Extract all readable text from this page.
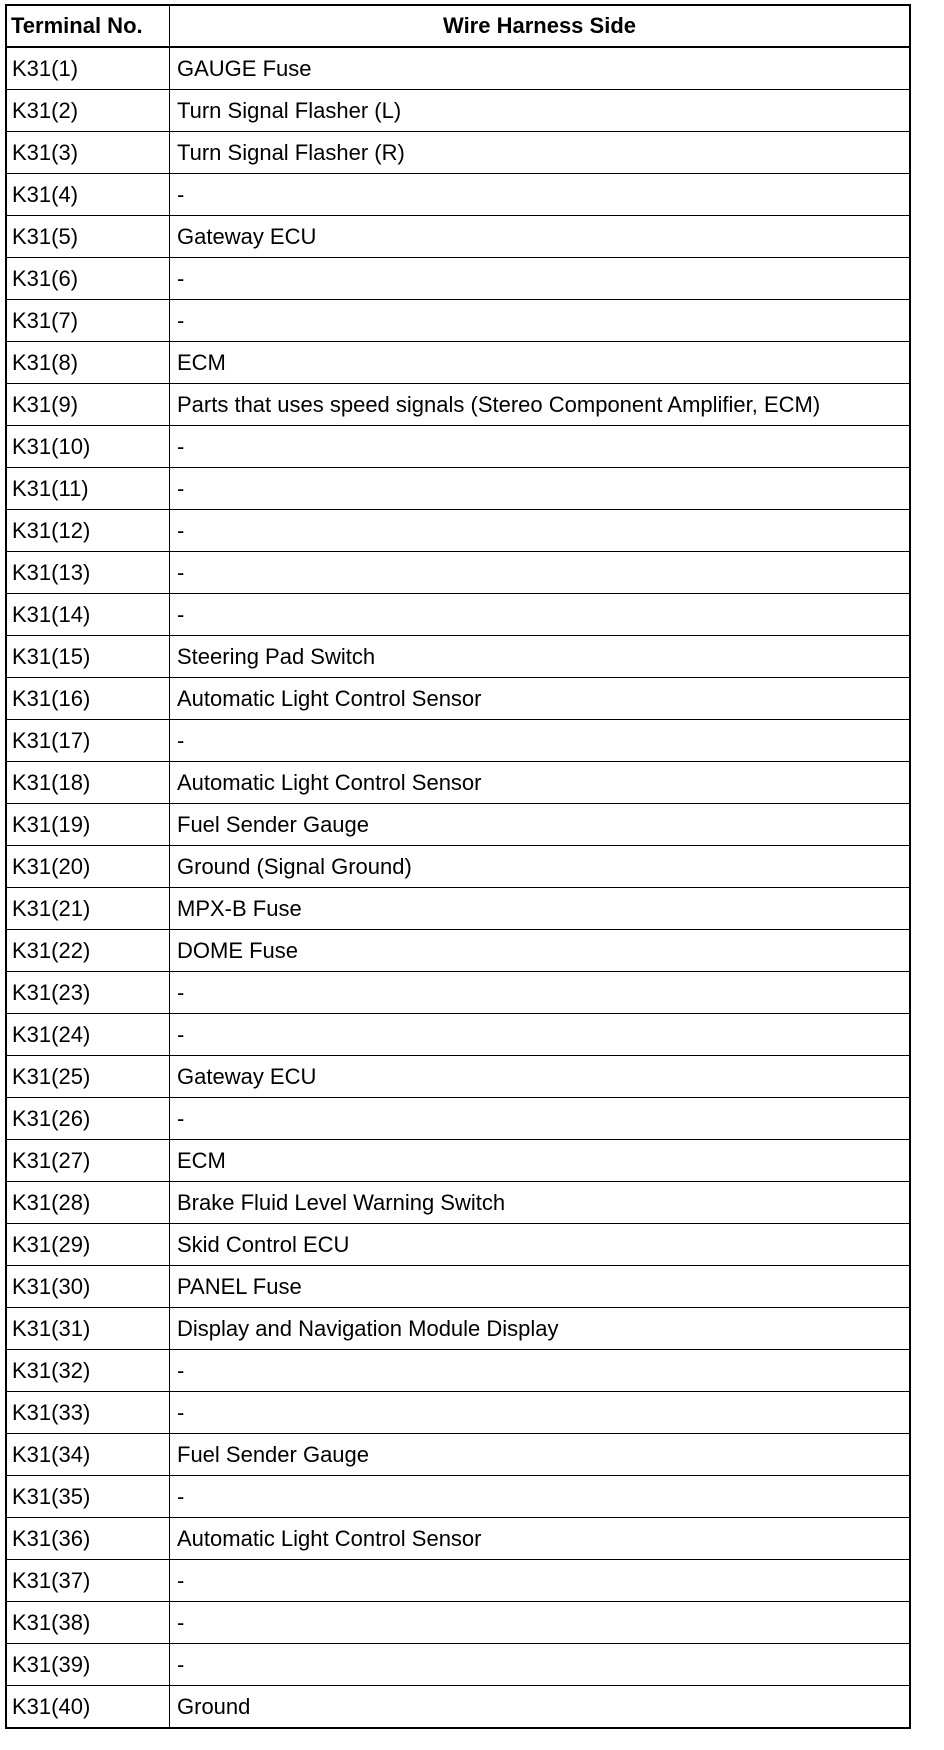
Terminal No.	Wire Harness Side
K31(1)	GAUGE Fuse
K31(2)	Turn Signal Flasher (L)
K31(3)	Turn Signal Flasher (R)
K31(4)	-
K31(5)	Gateway ECU
K31(6)	-
K31(7)	-
K31(8)	ECM
K31(9)	Parts that uses speed signals (Stereo Component Amplifier, ECM)
K31(10)	-
K31(11)	-
K31(12)	-
K31(13)	-
K31(14)	-
K31(15)	Steering Pad Switch
K31(16)	Automatic Light Control Sensor
K31(17)	-
K31(18)	Automatic Light Control Sensor
K31(19)	Fuel Sender Gauge
K31(20)	Ground (Signal Ground)
K31(21)	MPX-B Fuse
K31(22)	DOME Fuse
K31(23)	-
K31(24)	-
K31(25)	Gateway ECU
K31(26)	-
K31(27)	ECM
K31(28)	Brake Fluid Level Warning Switch
K31(29)	Skid Control ECU
K31(30)	PANEL Fuse
K31(31)	Display and Navigation Module Display
K31(32)	-
K31(33)	-
K31(34)	Fuel Sender Gauge
K31(35)	-
K31(36)	Automatic Light Control Sensor
K31(37)	-
K31(38)	-
K31(39)	-
K31(40)	Ground
